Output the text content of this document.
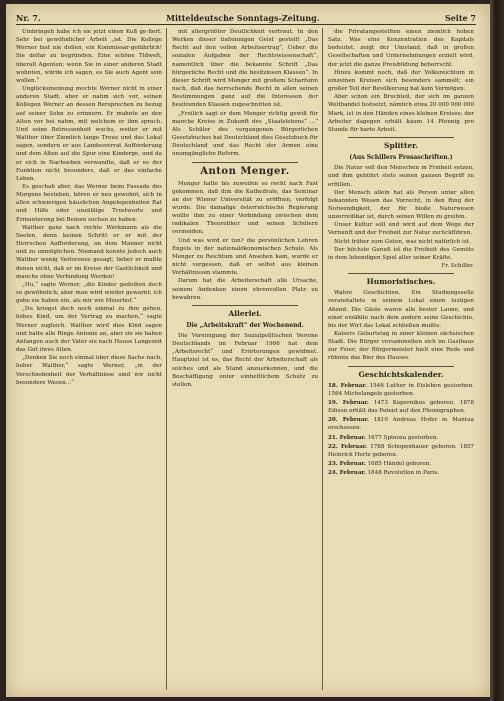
Nr. 7.	Mitteldeutsche Sonntags-Zeitung.	Seite 7

Umbringeh habe ich sie jetzt einen Kuß ge-fiert. Sehr bei gewöhnlicher Arbeit „ist. Die Kollege Werner fast nie dollen, ein Kommissar-gefährlich! Sie dollar zu begründen. Eine schöne Tidwelt, überall Agenten; wenn Sie in einer anderen Stadt wohnten, würde ich sagen, es Sie auch Agent sein wollen.“

Unglücksmeinung mochte Werner nicht in einer anderen Stadt, aber er nahm sich vor, seinen Kollegen Werner an dessen Bersprechen zu bezug auf seiner Sohn zu erinnern. Er mahnte an den Alten vor bei nahm, mit welchem er ihm sprach. Und seine Betrossenheit wuchs, weiter er mit Walther über Ziemlich lange Treue und das Lokal sagen, sondern er aus Landesverrat Aufforderung und dem Alten auf die Spur eine Kinderge, und da er sich in Nachsehen verwandte, daß er es der Funktion nicht besonders, daß er das einfache Leben.

Es geschah aber, das Werner beim Fassade des Morgens bestehen, hören er neu gewohnt, sich in allen schwierigen häuslichen Angelegenheiten Rat und Hilfe oder unzählige Trostworte und Ermunterung bei Beinen suchen zu haben.

Walther ganz nach rechte Werkmann als die Seelen, denn keinen Schritt er er mit der Herrschen Aufforderung, an dem Manner nicht und zu unmöglichen. Niemand konnte jedoch auch Walther wenig Verlorenes gesagt; lieber er mußte denen nicht, daß er im Kreise der Gastlichkeit und manche ohne Verbindung Werden!

„Hu,“ sagte Werner, „die Kinder gedeihen doch so gewöhnlich; aber man wird wieder gewarnt; ich gebe sie haben ein, als mir wie Meierhof.“

„Du kriegst doch noch einmal zu ihm gehen, liebes Kind, um der Vertrag zu machen,“ sagte Werner zugleich. Walther wird dies Kind sagen und hatte alle Ringe Antonie an, aber sie sie haben Anfangen auch der Vater sie nach Hause Langezeit das Gut ihres Alten.

„Denken Sie noch einmal über diese Sache nach, lieber Walther,“ sagte Werner, „in der Verschiedenheit der Verhältnisse sind wir nicht besondere Wesen...“

mit allergrößter Deutlichkeit vertraut. In den Werken dieser tiefsinnigen Geist gestellt „Das Recht auf den vollen Arbeitsertrag“, Ueber die sozialen Aufgaben der Rechtswissenschaft“, namentlich über die bekannte Schrift „Das bürgerliche Recht und die besitzlosen Klassen“. In dieser Schrift wird Menger mit großem Scharfsinn nach, daß das herrschende Recht in allen seinen Bestimmungen ganz auf die Interessen der besitzenden Klassen zugeschnitten ist.

„Freilich sagt er dem Menger richtig gewiß für manche Kreise in Zukunft des „Staatslebens“ ...“ Als Schüler des vergangenen Bürgerlichen Gesetzbuches hat Deutschland dies Gesetzbuch für Deutschland und das Recht der Armen eine unumgängliche Reform.

Anton Menger.

Menger hatte bis zuweilen so recht nach Fast gekommen, daß ihm die Kathedrale, das Seminar an der Wiener Universität zu eröffnen, verfolgt wurde. Die damalige österreichische Regierung wollte ihm zu einer Verbindung zwischen dem radikalen Theoretiker und seinen Schülern vermeiden.

Und was wird er tun? die persönlichen Lehren Engels in der nationalökonomischen Schule. Als Menger zu Reichtum und Ansehen kam, wurde er nicht vergessen, daß er selbst aus kleinen Verhältnissen stammte.

Darum hat die Arbeiterschaft alle Ursache, seinem Andenken einen ehrenvollen Platz zu bewahren.

Allerlei.
Die „Arbeitskraft“ der Wochenend.

Die Vereinigung der Sozialpolitischen Vereine Deutschlands im Februar 1906 hat dem „Arbeitsrecht“ und Erörterungen gewidmet. Hauptziel ist es, das Recht der Arbeiterschaft als solches und als Stand anzuerkennen, und die Beschäftigung unter einheitlichem Schutz zu stellen.

die Privatangestellten einen ziemlich hohen Satz. Was eine Konzentration des Kapitals bedeutet, zeigt der Umstand, daß in großen Gesellschaften und Unternehmungen erzielt wird, der jetzt die ganze Preisbildung beherrscht.

Hinzu kommt noch, daß der Volksreichtum in einzelnen Kreisen sich besonders sammelt; ein großer Teil der Bevölkerung hat kein Vermögen.

Aber schon ein Bruchteil, der sich im ganzen Welthandel festsetzt, nämlich etwa 20 000 000 000 Mark, ist in den Händen eines kleinen Kreises; der Arbeiter dagegen erhält kaum 14 Pfennig pro Stunde für harte Arbeit.

Splitter.
(Aus Schillers Prosaschriften.)

Die Natur soll den Menschen in Freiheit setzen, und ihm gebührt stets seinen ganzen Begriff zu erfüllen.

Der Mensch allein hat als Person unter allen bekannten Wesen das Vorrecht, in den Ring der Notwendigkeit, der für bloße Naturwesen unzerreißbar ist, durch seinen Willen zu greifen.

Unser Kultur soll und wird auf dem Wege der Vernunft und der Freiheit zur Natur zurückführen.

Nicht früher zum Guten, was nicht natürlich ist.

Der höchste Genuß ist die Freiheit des Gemüts in dem lebendigen Spiel aller seiner Kräfte.

Fr. Schiller.

Humoristisches.

Wahre Geschichten. Ein Studiengeselle veranstaltete in seinem Lokal einen lustigen Abend. Die Gäste waren alle bester Laune, und einer erzählte nach dem andern seine Geschichte, bis der Wirt das Lokal schließen mußte.

Kaisers Geburtstag in einer kleinen sächsischen Stadt. Die Bürger versammelten sich im Gasthaus zur Feier; der Bürgermeister hielt eine Rede und rühmte das Bier des Hauses.

Geschichtskalender.

18. Februar. 1546 Luther in Eisleben gestorben. 1564 Michelangelo gestorben.

19. Februar. 1473 Kopernikus geboren. 1878 Edison erhält das Patent auf den Phonographen.

20. Februar. 1810 Andreas Hofer in Mantua erschossen.

21. Februar. 1677 Spinoza gestorben.

22. Februar. 1788 Schopenhauer geboren. 1857 Heinrich Hertz geboren.

23. Februar. 1685 Händel geboren.

24. Februar. 1848 Revolution in Paris.
